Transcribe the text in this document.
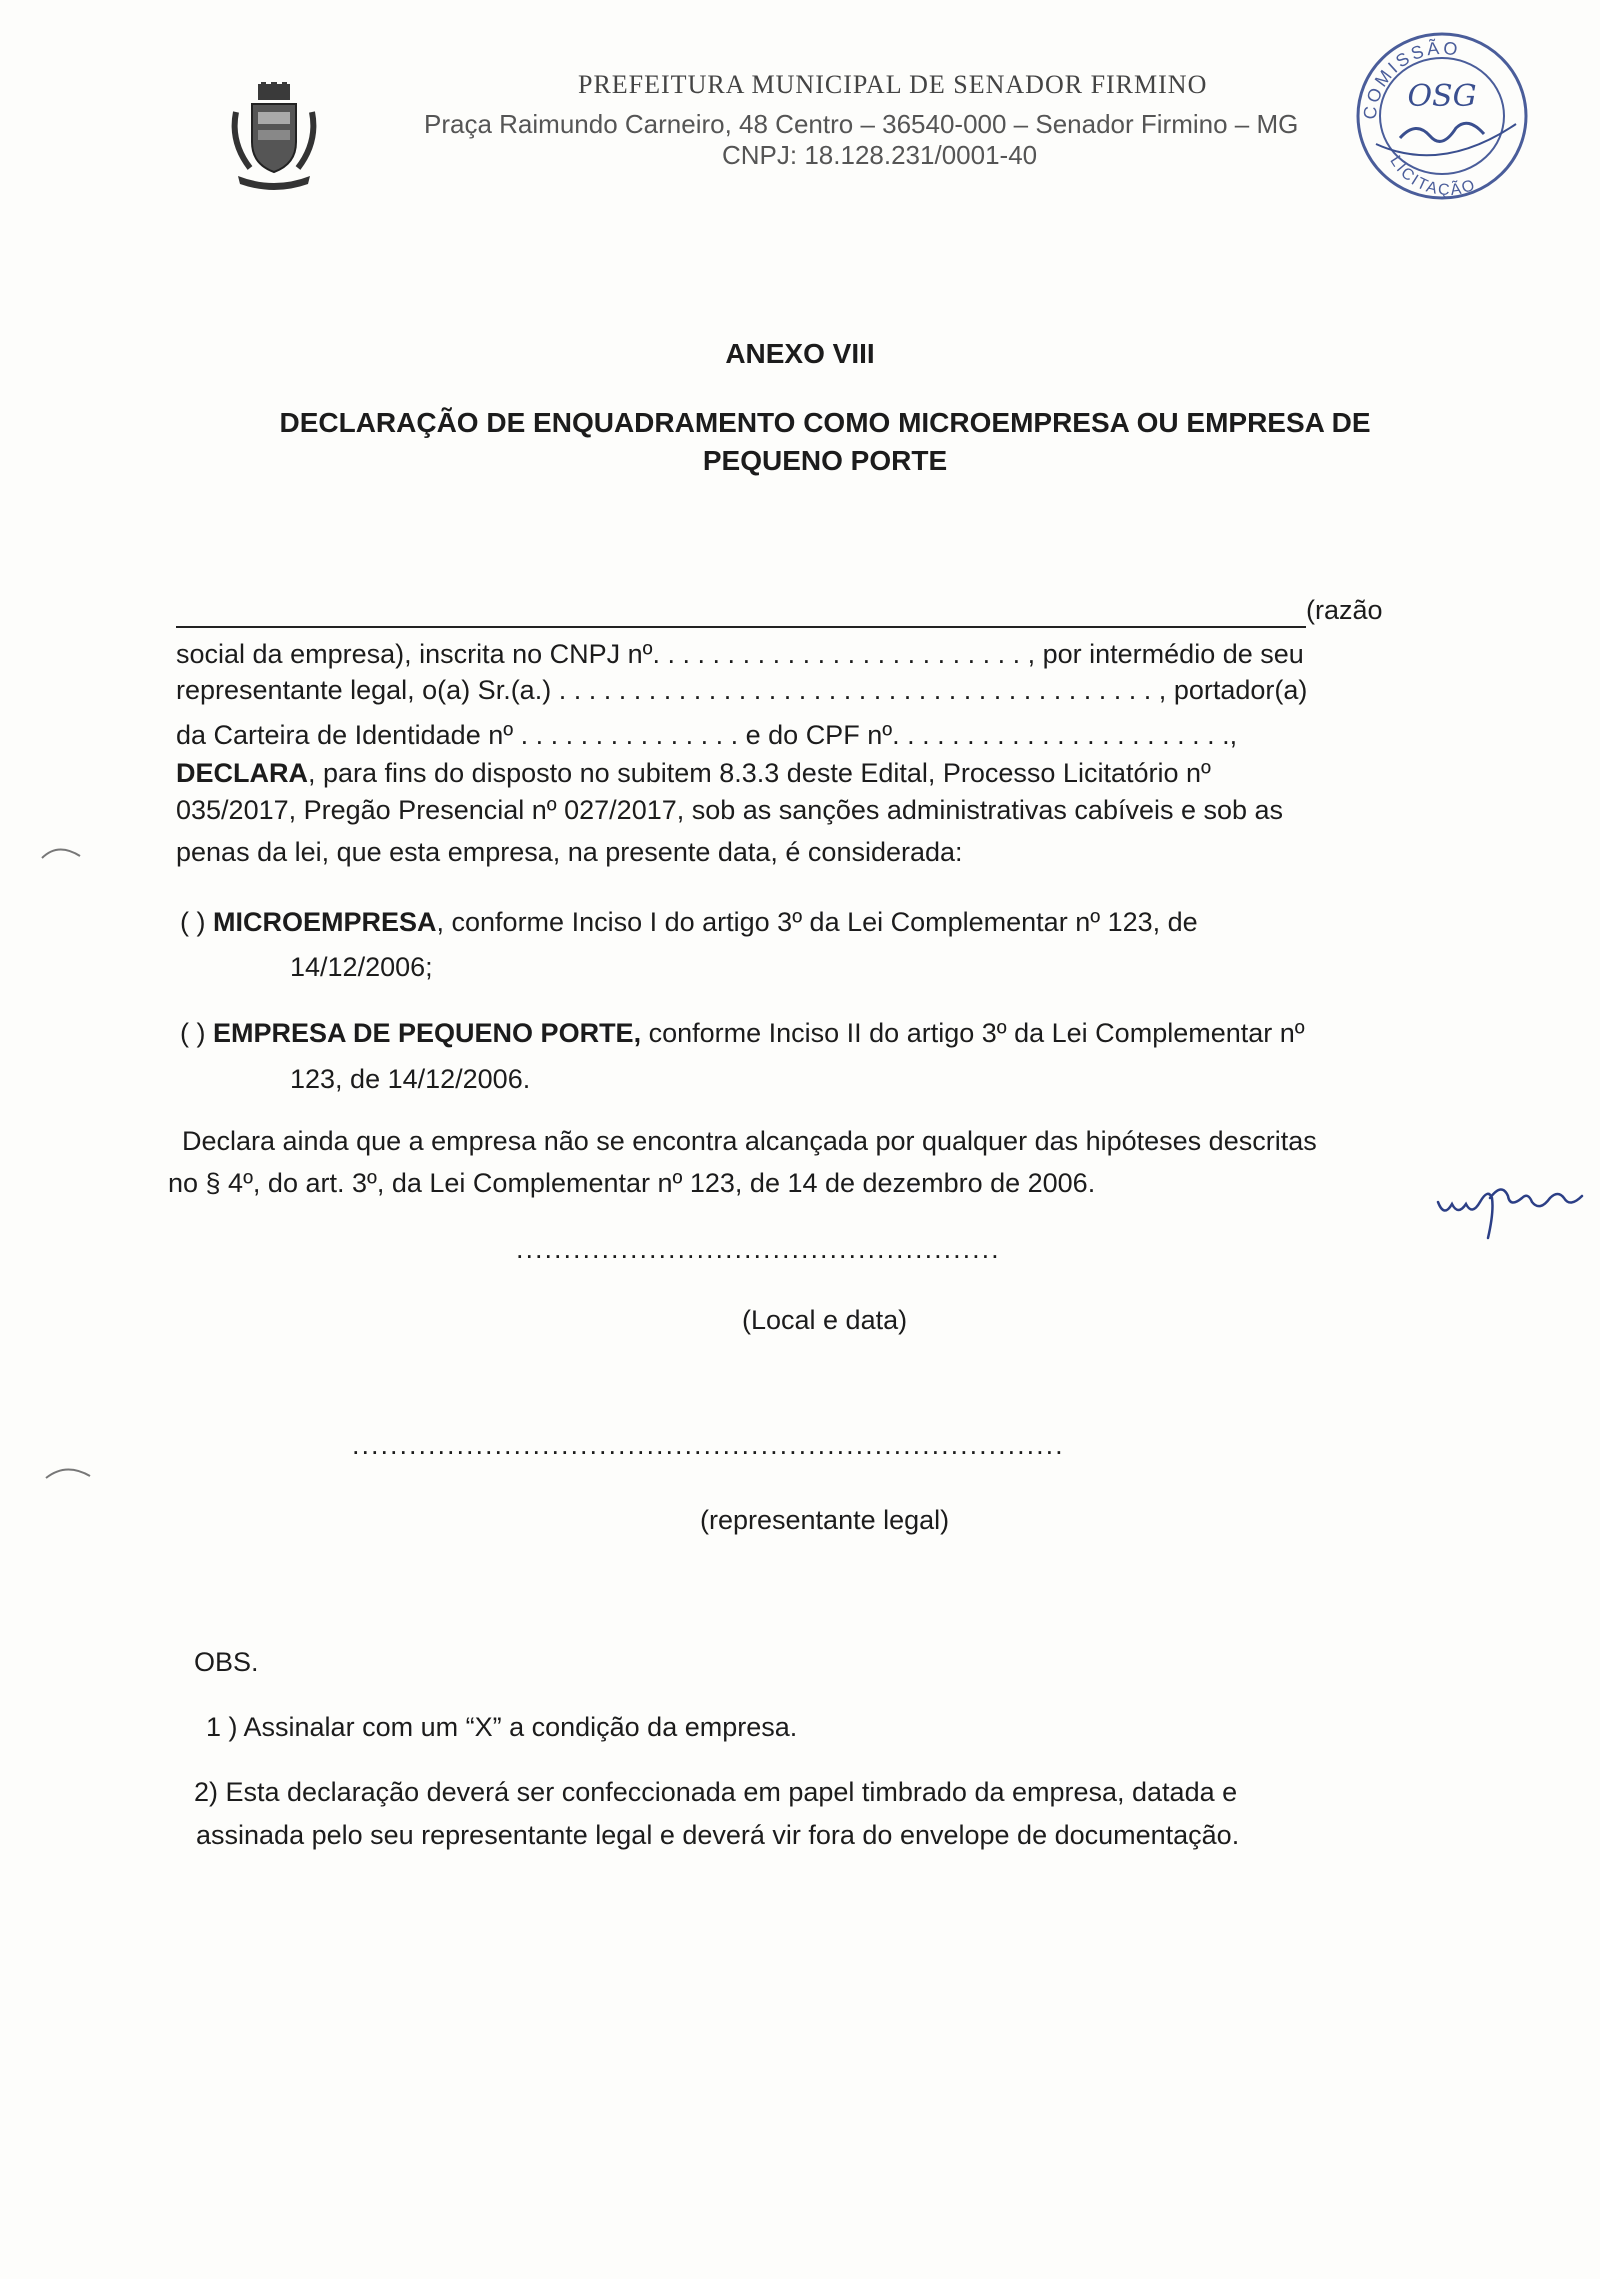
PREFEITURA MUNICIPAL DE SENADOR FIRMINO
Praça Raimundo Carneiro, 48 Centro – 36540-000 – Senador Firmino – MG
CNPJ: 18.128.231/0001-40
COMISSÃO
LICITAÇÃO
OSG
ANEXO VIII
DECLARAÇÃO DE ENQUADRAMENTO COMO MICROEMPRESA OU EMPRESA DE PEQUENO PORTE
(razão
social da empresa), inscrita no CNPJ nº. . . . . . . . . . . . . . . . . . . . . . . . . , por intermédio de seu
representante legal, o(a) Sr.(a.) . . . . . . . . . . . . . . . . . . . . . . . . . . . . . . . . . . . . . . . . , portador(a)
da Carteira de Identidade nº . . . . . . . . . . . . . . . e do CPF nº. . . . . . . . . . . . . . . . . . . . . . .,
DECLARA, para fins do disposto no subitem 8.3.3 deste Edital, Processo Licitatório nº
035/2017, Pregão Presencial nº 027/2017, sob as sanções administrativas cabíveis e sob as
penas da lei, que esta empresa, na presente data, é considerada:
( ) MICROEMPRESA, conforme Inciso I do artigo 3º da Lei Complementar nº 123, de
14/12/2006;
( ) EMPRESA DE PEQUENO PORTE, conforme Inciso II do artigo 3º da Lei Complementar nº
123, de 14/12/2006.
Declara ainda que a empresa não se encontra alcançada por qualquer das hipóteses descritas
no § 4º, do art. 3º, da Lei Complementar nº 123, de 14 de dezembro de 2006.
...................................................
(Local e data)
...........................................................................
(representante legal)
OBS.
1 ) Assinalar com um “X” a condição da empresa.
2) Esta declaração deverá ser confeccionada em papel timbrado da empresa, datada e
assinada pelo seu representante legal e deverá vir fora do envelope de documentação.
